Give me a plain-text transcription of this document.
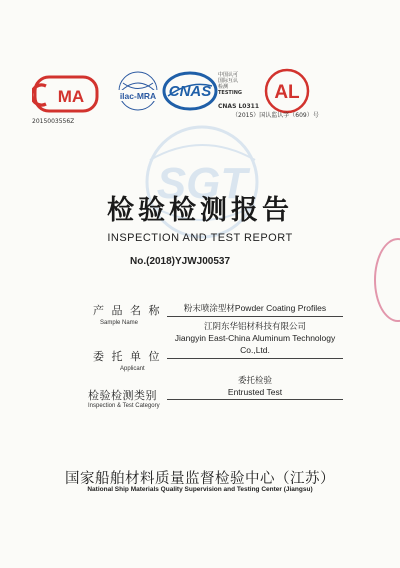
MA
2015003556Z
ilac-MRA CNAS
中国认可
国际互认
检测
TESTING
CNAS L0311
AL
（2015）国认监认字（609）号
SGT
检验检测报告
INSPECTION AND TEST REPORT
No.(2018)YJWJ00537
产 品 名 称
Sample Name
粉末喷涂型材Powder Coating Profiles
委 托 单 位
Applicant
江阴东华铝材科技有限公司
Jiangyin East-China Aluminum Technology
Co.,Ltd.
检验检测类别
Inspection & Test Category
委托检验
Entrusted Test
国家船舶材料质量监督检验中心（江苏）
National Ship Materials Quality Supervision and Testing Center (Jiangsu)
